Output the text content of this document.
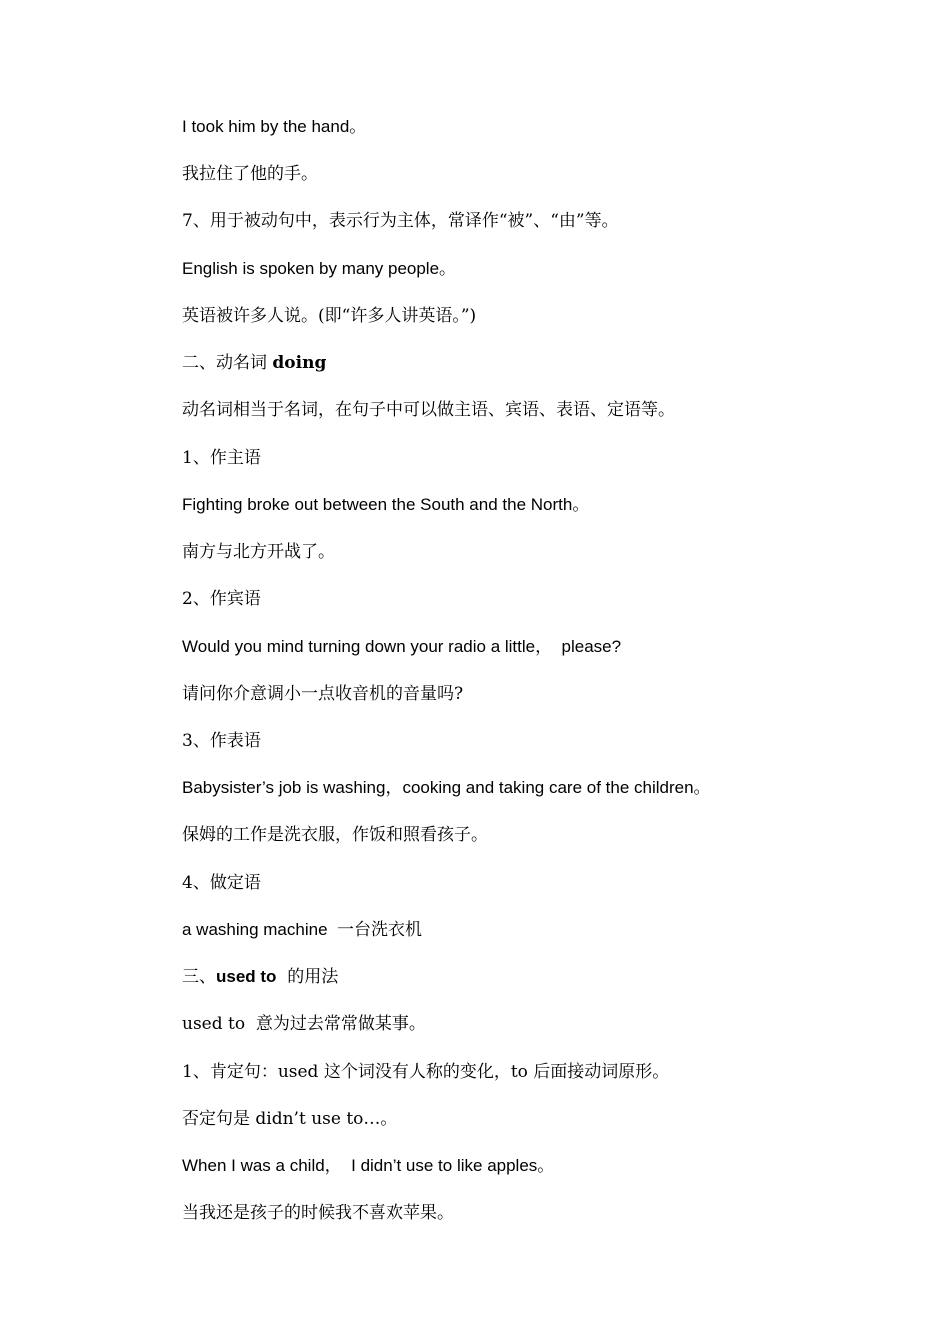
I took him by the hand。
我拉住了他的手。
7、用于被动句中，表示行为主体，常译作“被”、“由”等。
English is spoken by many people。
英语被许多人说。(即“许多人讲英语。”)
二、动名词 doing
动名词相当于名词，在句子中可以做主语、宾语、表语、定语等。
1、作主语
Fighting broke out between the South and the North。
南方与北方开战了。
2、作宾语
Would you mind turning down your radio a little，  please?
请问你介意调小一点收音机的音量吗?
3、作表语
Babysister’s job is washing，cooking and taking care of the children。
保姆的工作是洗衣服，作饭和照看孩子。
4、做定语
a washing machine  一台洗衣机
三、used to  的用法
used to  意为过去常常做某事。
1、肯定句：used 这个词没有人称的变化，to 后面接动词原形。
否定句是 didn’t use to…。
When I was a child，  I didn’t use to like apples。
当我还是孩子的时候我不喜欢苹果。
